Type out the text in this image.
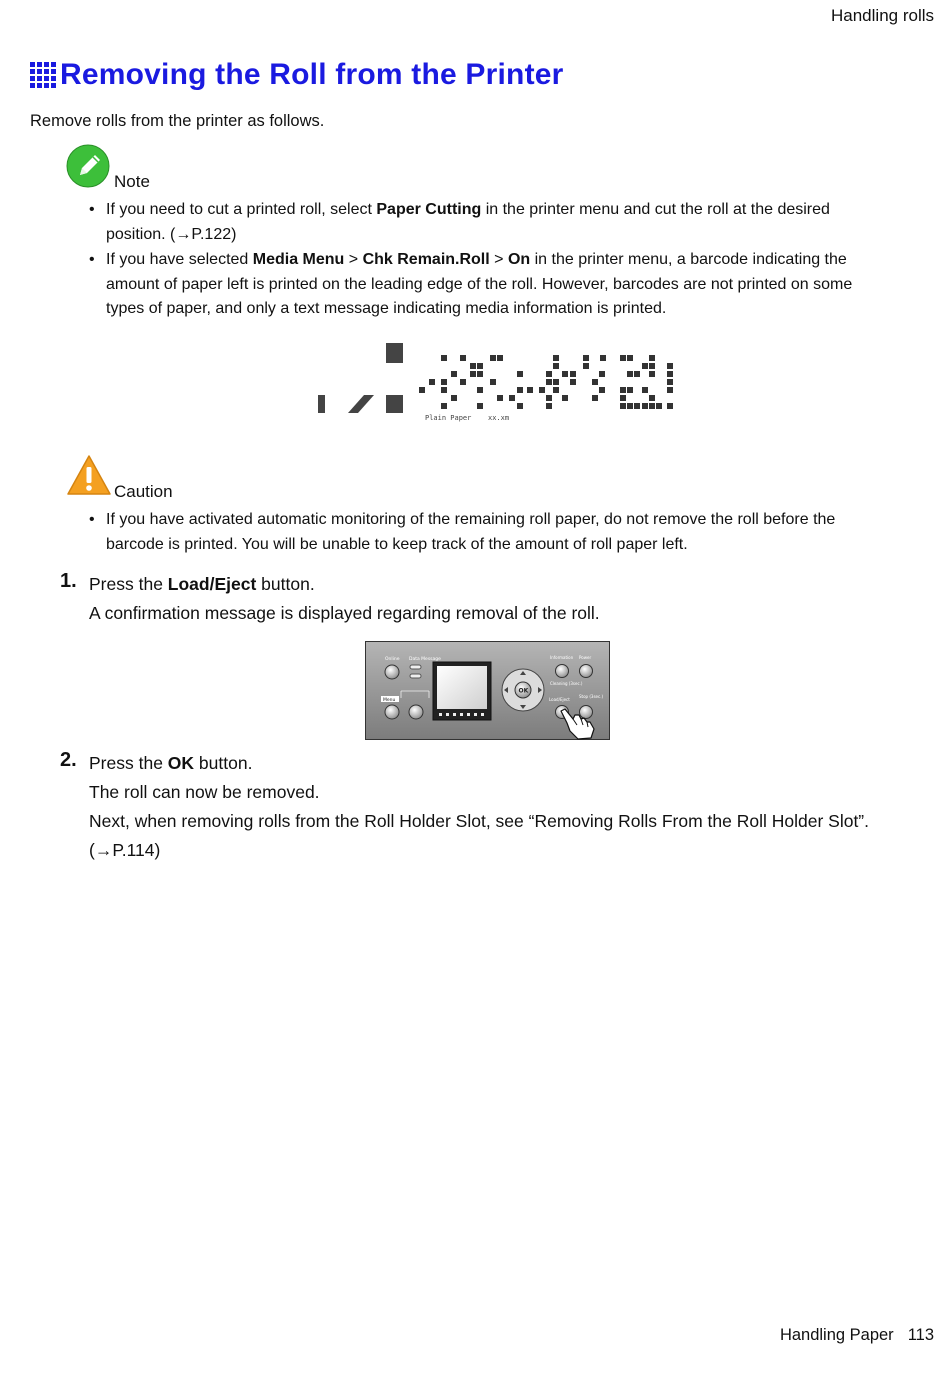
Handling rolls
Removing the Roll from the Printer
Remove rolls from the printer as follows.
Note
• If you need to cut a printed roll, select Paper Cutting in the printer menu and cut the roll at the desired position. (→P.122)
• If you have selected Media Menu > Chk Remain.Roll > On in the printer menu, a barcode indicating the amount of paper left is printed on the leading edge of the roll. However, barcodes are not printed on some types of paper, and only a text message indicating media information is printed.
Plain Paper xx.xm
Caution
• If you have activated automatic monitoring of the remaining roll paper, do not remove the roll before the barcode is printed. You will be unable to keep track of the amount of roll paper left.
1. Press the Load/Eject button.
A confirmation message is displayed regarding removal of the roll.
Online Data Message
Menu
OK
Information Power
Cleaning (3sec.)
Load/Eject
Stop (3sec.)
2. Press the OK button.
The roll can now be removed.
Next, when removing rolls from the Roll Holder Slot, see “Removing Rolls From the Roll Holder Slot”. (→P.114)
Handling Paper 113
